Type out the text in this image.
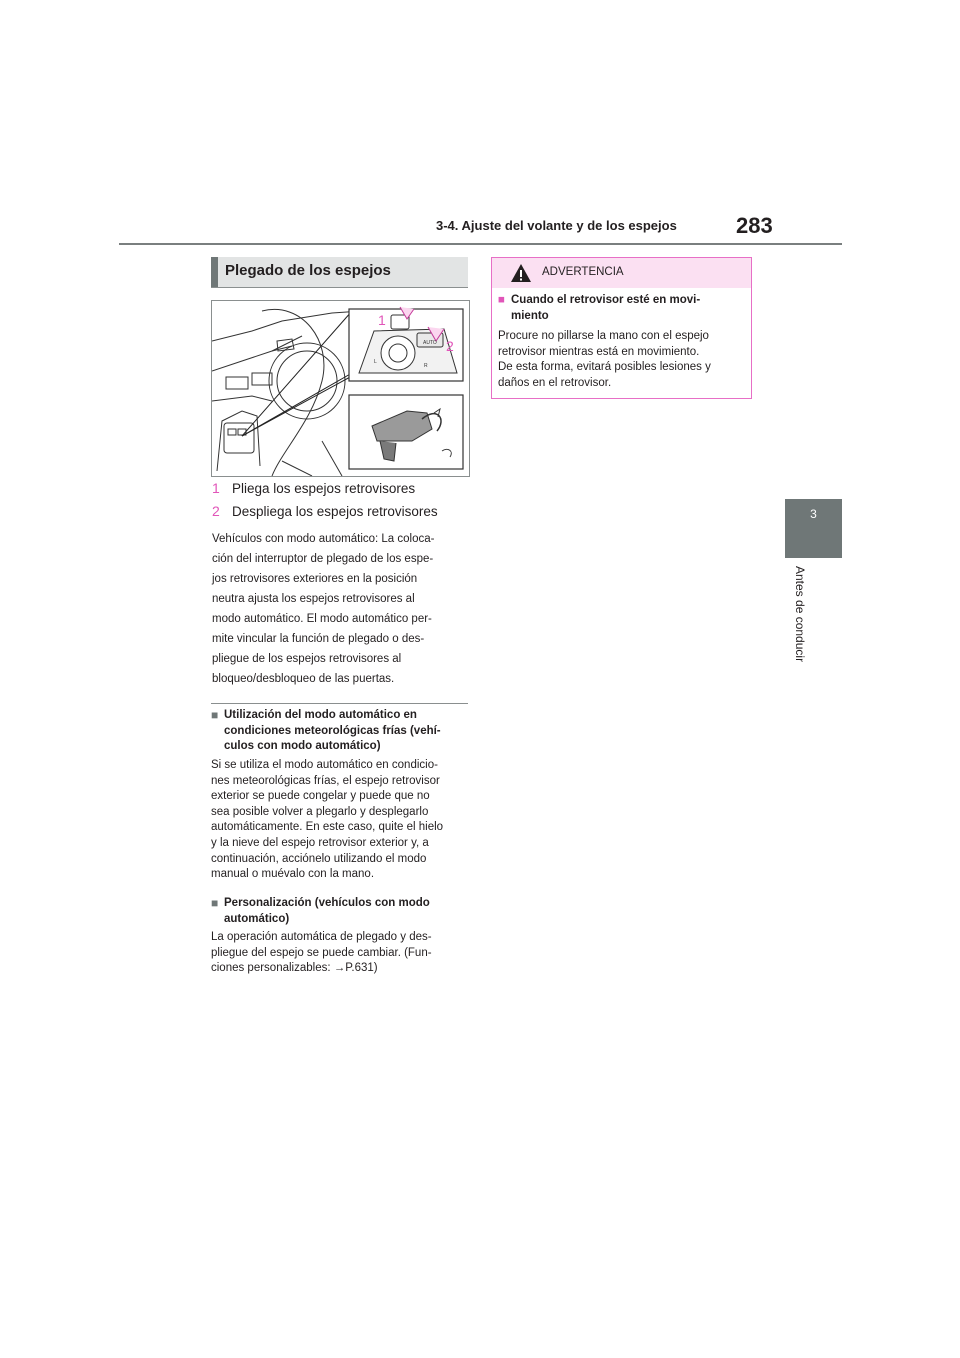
3-4. Ajuste del volante y de los espejos	283
3
Antes de conducir
Plegado de los espejos
1
2
AUTO
L
R
1 Pliega los espejos retrovisores
2 Despliega los espejos retrovisores
Vehículos con modo automático: La coloca-
ción del interruptor de plegado de los espe-
jos retrovisores exteriores en la posición
neutra ajusta los espejos retrovisores al
modo automático. El modo automático per-
mite vincular la función de plegado o des-
pliegue de los espejos retrovisores al
bloqueo/desbloqueo de las puertas.
■ Utilización del modo automático en
condiciones meteorológicas frías (vehí-
culos con modo automático)
Si se utiliza el modo automático en condicio-
nes meteorológicas frías, el espejo retrovisor
exterior se puede congelar y puede que no
sea posible volver a plegarlo y desplegarlo
automáticamente. En este caso, quite el hielo
y la nieve del espejo retrovisor exterior y, a
continuación, acciónelo utilizando el modo
manual o muévalo con la mano.
■ Personalización (vehículos con modo
automático)
La operación automática de plegado y des-
pliegue del espejo se puede cambiar. (Fun-
ciones personalizables: →P.631)
ADVERTENCIA
■ Cuando el retrovisor esté en movi-
miento
Procure no pillarse la mano con el espejo
retrovisor mientras está en movimiento.
De esta forma, evitará posibles lesiones y
daños en el retrovisor.
